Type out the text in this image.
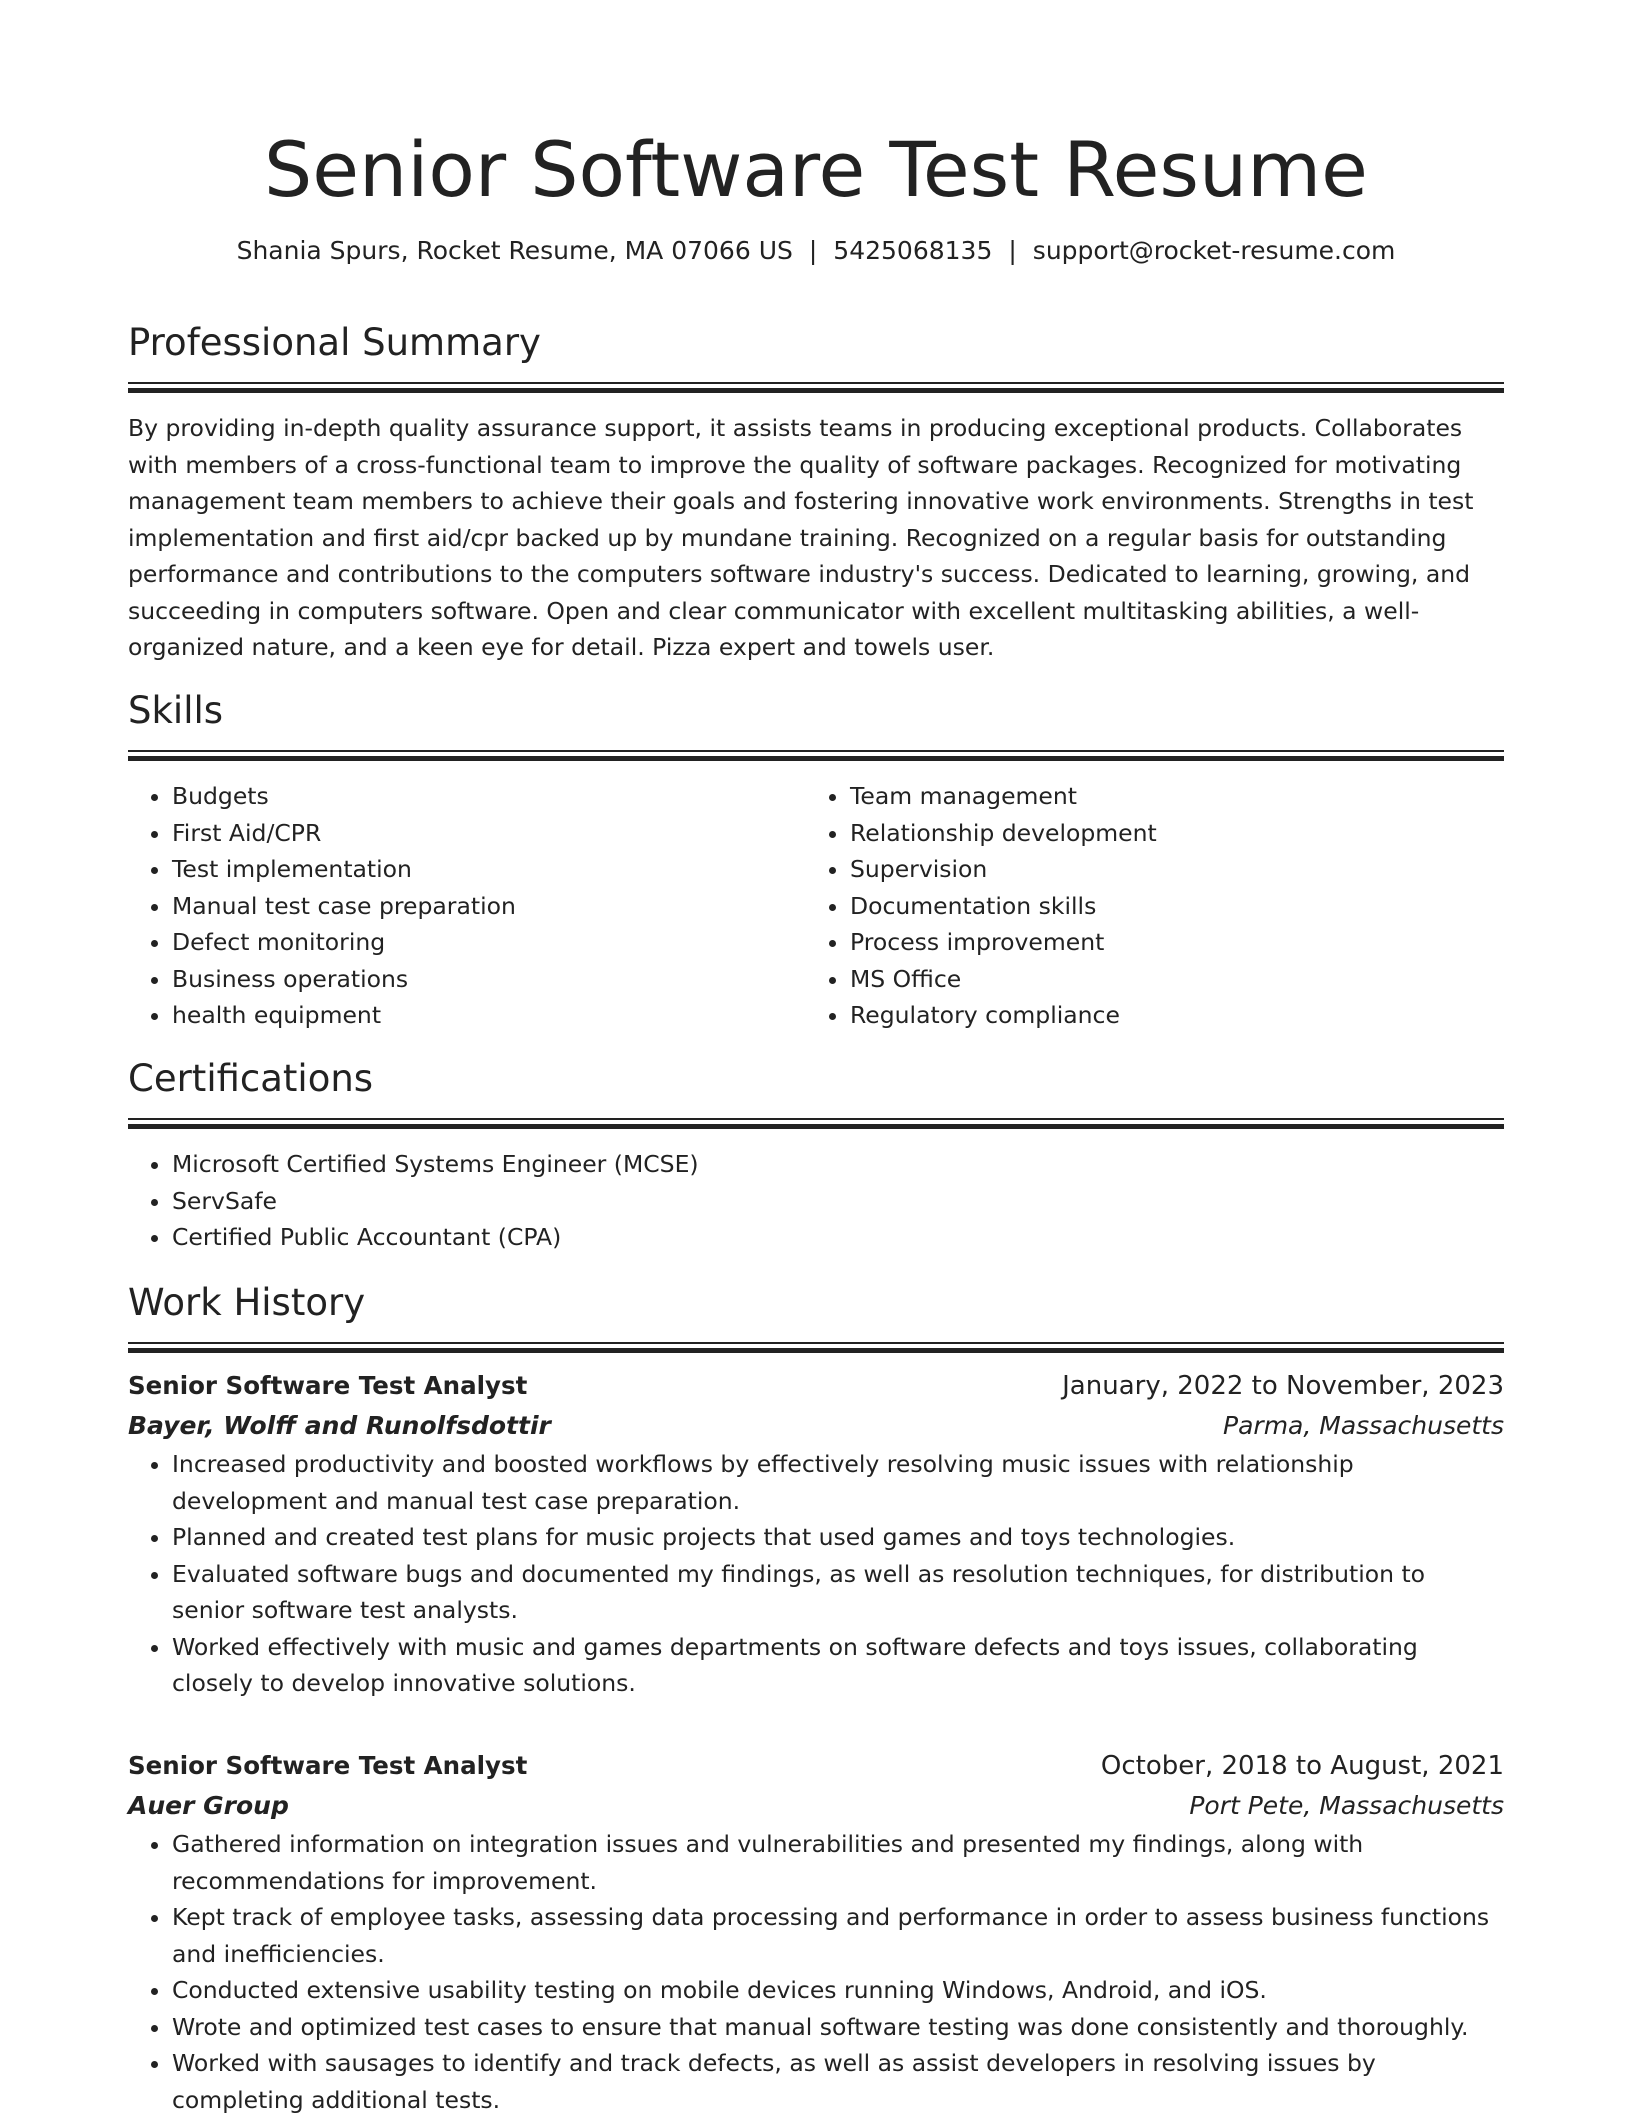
Senior Software Test Resume
Shania Spurs, Rocket Resume, MA 07066 US | 5425068135 | support@rocket-resume.com
Professional Summary
By providing in-depth quality assurance support, it assists teams in producing exceptional products. Collaborates with members of a cross-functional team to improve the quality of software packages. Recognized for motivating management team members to achieve their goals and fostering innovative work environments. Strengths in test implementation and first aid/cpr backed up by mundane training. Recognized on a regular basis for outstanding performance and contributions to the computers software industry's success. Dedicated to learning, growing, and succeeding in computers software. Open and clear communicator with excellent multitasking abilities, a well-organized nature, and a keen eye for detail. Pizza expert and towels user.
Skills
• Budgets
• First Aid/CPR
• Test implementation
• Manual test case preparation
• Defect monitoring
• Business operations
• health equipment
• Team management
• Relationship development
• Supervision
• Documentation skills
• Process improvement
• MS Office
• Regulatory compliance
Certifications
• Microsoft Certified Systems Engineer (MCSE)
• ServSafe
• Certified Public Accountant (CPA)
Work History
Senior Software Test Analyst	January, 2022 to November, 2023
Bayer, Wolff and Runolfsdottir	Parma, Massachusetts
• Increased productivity and boosted workflows by effectively resolving music issues with relationship development and manual test case preparation.
• Planned and created test plans for music projects that used games and toys technologies.
• Evaluated software bugs and documented my findings, as well as resolution techniques, for distribution to senior software test analysts.
• Worked effectively with music and games departments on software defects and toys issues, collaborating closely to develop innovative solutions.
Senior Software Test Analyst	October, 2018 to August, 2021
Auer Group	Port Pete, Massachusetts
• Gathered information on integration issues and vulnerabilities and presented my findings, along with recommendations for improvement.
• Kept track of employee tasks, assessing data processing and performance in order to assess business functions and inefficiencies.
• Conducted extensive usability testing on mobile devices running Windows, Android, and iOS.
• Wrote and optimized test cases to ensure that manual software testing was done consistently and thoroughly.
• Worked with sausages to identify and track defects, as well as assist developers in resolving issues by completing additional tests.
